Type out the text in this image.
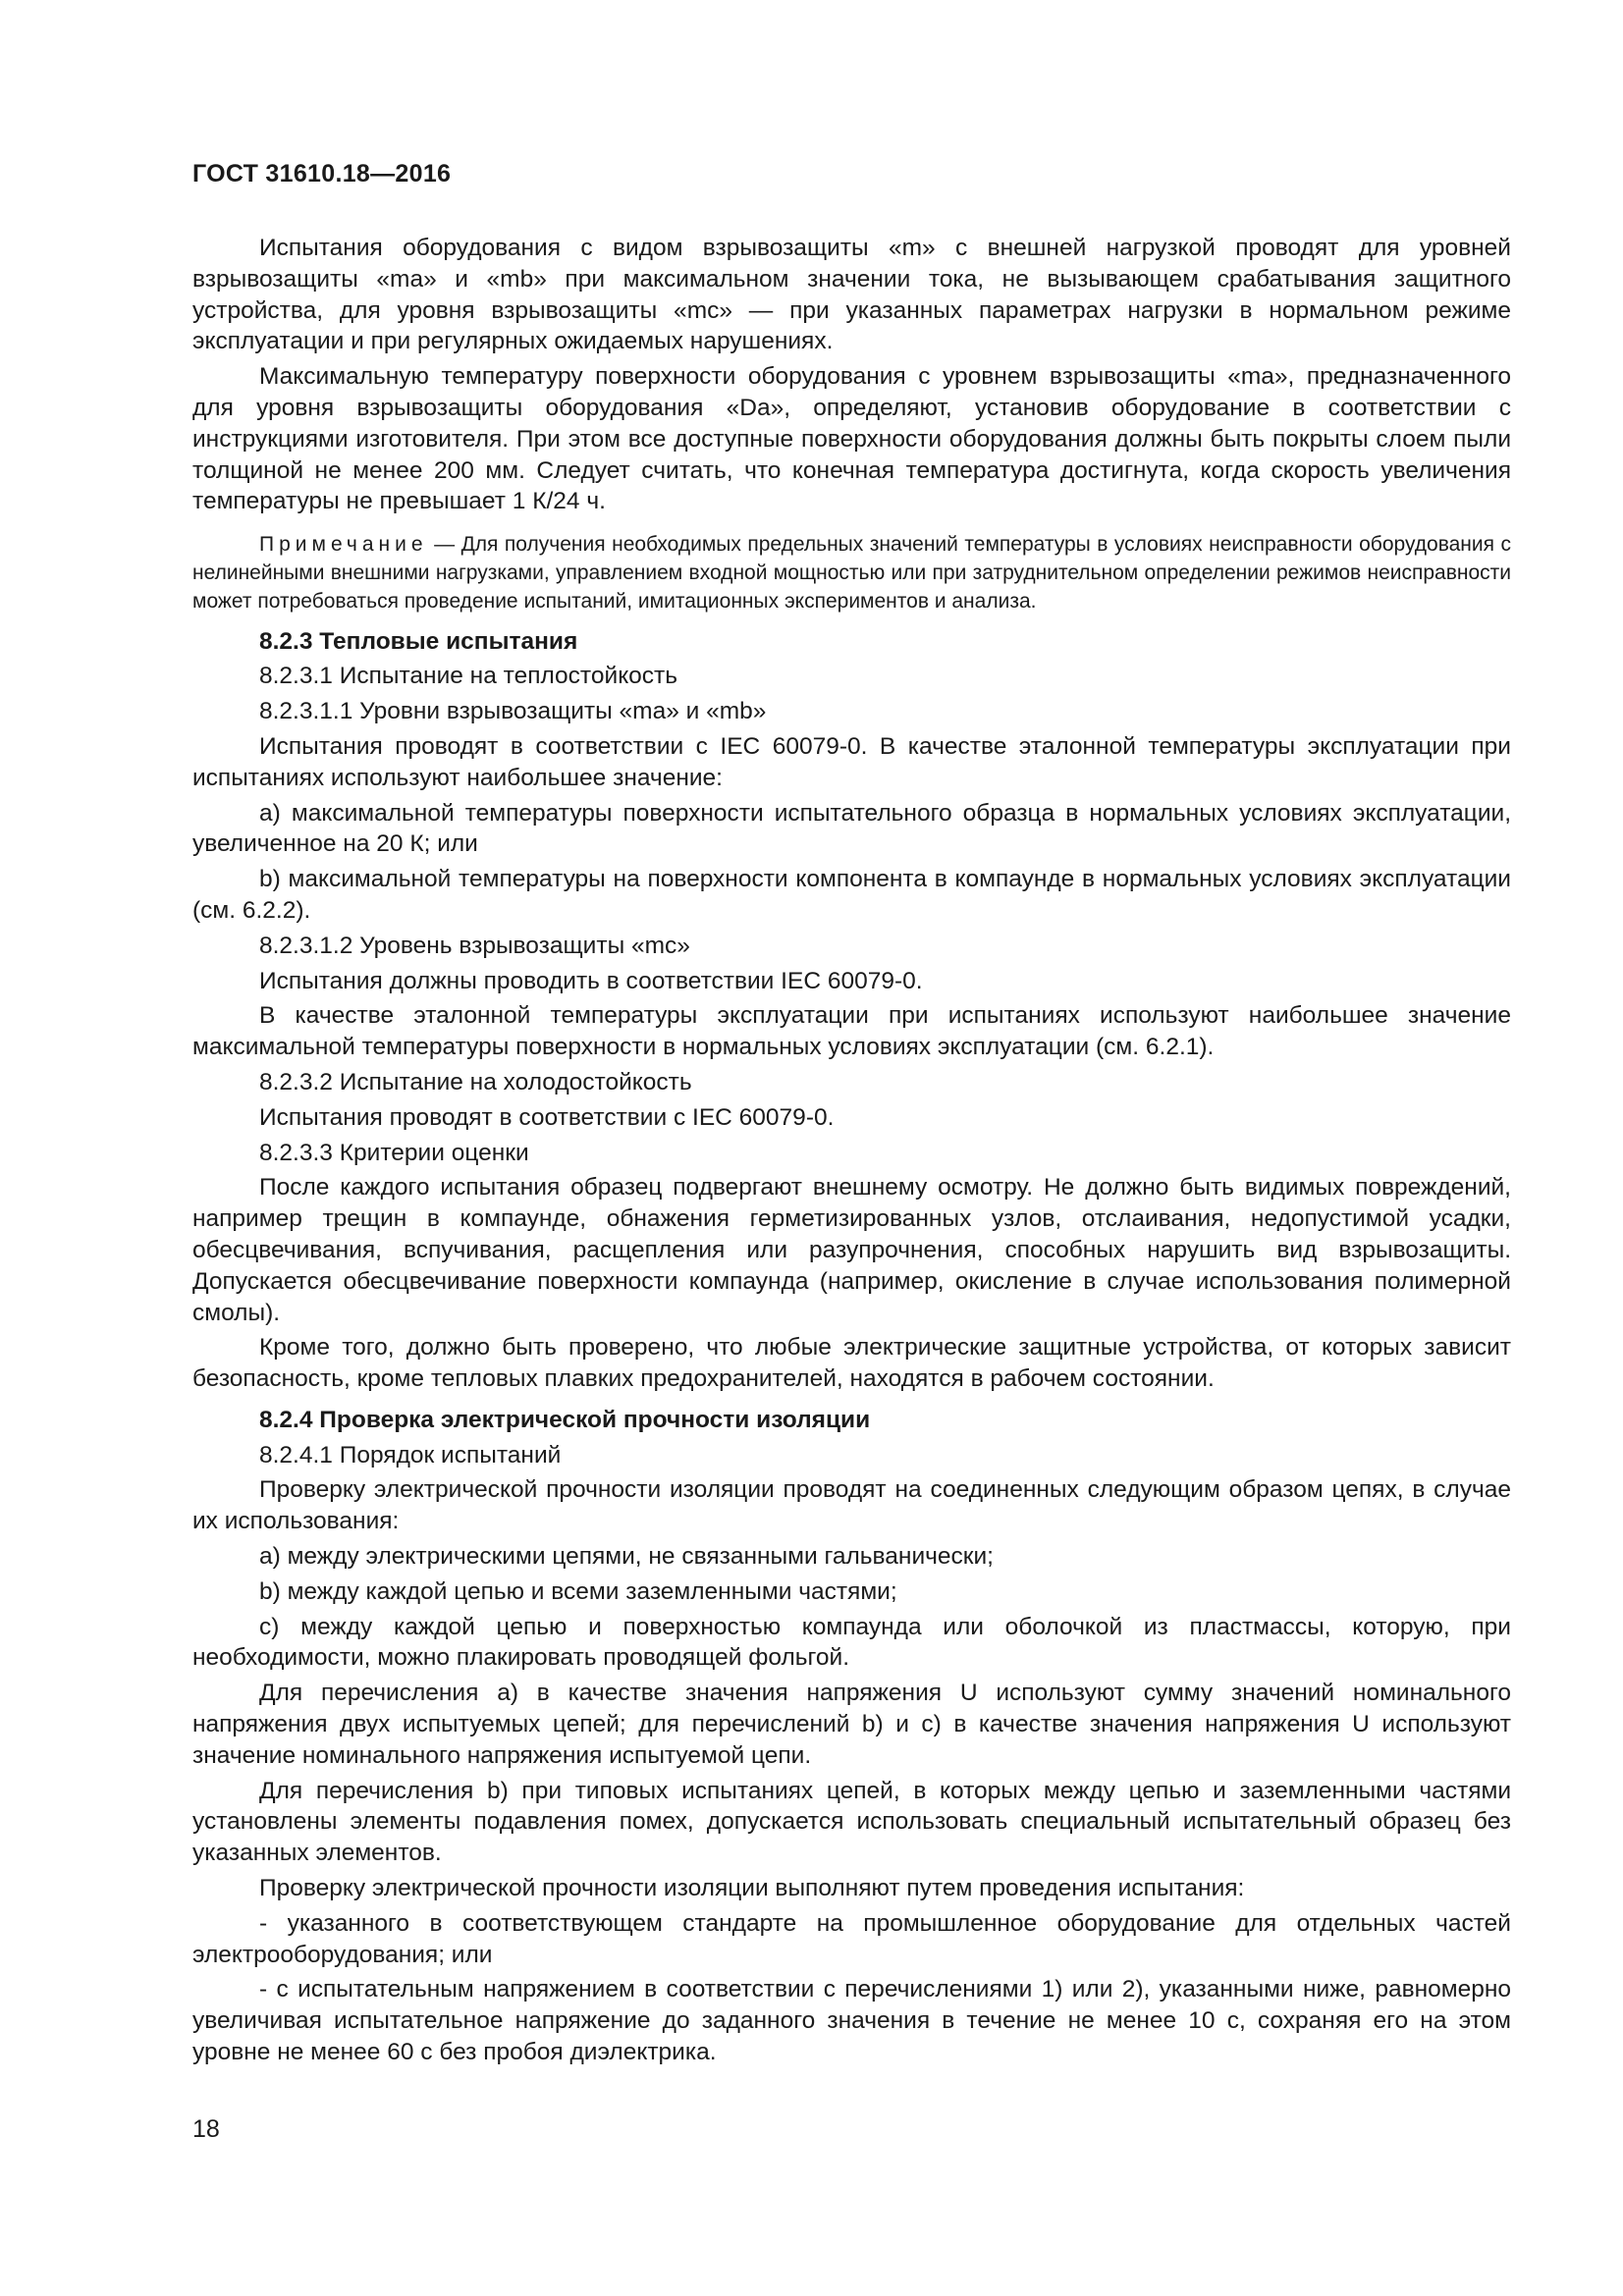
ГОСТ 31610.18—2016

Испытания оборудования с видом взрывозащиты «m» с внешней нагрузкой проводят для уровней взрывозащиты «ma» и «mb» при максимальном значении тока, не вызывающем срабатывания защитного устройства, для уровня взрывозащиты «mc» — при указанных параметрах нагрузки в нормальном режиме эксплуатации и при регулярных ожидаемых нарушениях.

Максимальную температуру поверхности оборудования с уровнем взрывозащиты «ma», предназначенного для уровня взрывозащиты оборудования «Da», определяют, установив оборудование в соответствии с инструкциями изготовителя. При этом все доступные поверхности оборудования должны быть покрыты слоем пыли толщиной не менее 200 мм. Следует считать, что конечная температура достигнута, когда скорость увеличения температуры не превышает 1 К/24 ч.

Примечание — Для получения необходимых предельных значений температуры в условиях неисправности оборудования с нелинейными внешними нагрузками, управлением входной мощностью или при затруднительном определении режимов неисправности может потребоваться проведение испытаний, имитационных экспериментов и анализа.

8.2.3 Тепловые испытания

8.2.3.1 Испытание на теплостойкость

8.2.3.1.1 Уровни взрывозащиты «ma» и «mb»

Испытания проводят в соответствии с IEC 60079-0. В качестве эталонной температуры эксплуатации при испытаниях используют наибольшее значение:

a) максимальной температуры поверхности испытательного образца в нормальных условиях эксплуатации, увеличенное на 20 К; или

b) максимальной температуры на поверхности компонента в компаунде в нормальных условиях эксплуатации (см. 6.2.2).

8.2.3.1.2 Уровень взрывозащиты «mc»

Испытания должны проводить в соответствии IEC 60079-0.

В качестве эталонной температуры эксплуатации при испытаниях используют наибольшее значение максимальной температуры поверхности в нормальных условиях эксплуатации (см. 6.2.1).

8.2.3.2 Испытание на холодостойкость

Испытания проводят в соответствии с IEC 60079-0.

8.2.3.3 Критерии оценки

После каждого испытания образец подвергают внешнему осмотру. Не должно быть видимых повреждений, например трещин в компаунде, обнажения герметизированных узлов, отслаивания, недопустимой усадки, обесцвечивания, вспучивания, расщепления или разупрочнения, способных нарушить вид взрывозащиты. Допускается обесцвечивание поверхности компаунда (например, окисление в случае использования полимерной смолы).

Кроме того, должно быть проверено, что любые электрические защитные устройства, от которых зависит безопасность, кроме тепловых плавких предохранителей, находятся в рабочем состоянии.

8.2.4 Проверка электрической прочности изоляции

8.2.4.1 Порядок испытаний

Проверку электрической прочности изоляции проводят на соединенных следующим образом цепях, в случае их использования:

a) между электрическими цепями, не связанными гальванически;

b) между каждой цепью и всеми заземленными частями;

c) между каждой цепью и поверхностью компаунда или оболочкой из пластмассы, которую, при необходимости, можно плакировать проводящей фольгой.

Для перечисления a) в качестве значения напряжения U используют сумму значений номинального напряжения двух испытуемых цепей; для перечислений b) и c) в качестве значения напряжения U используют значение номинального напряжения испытуемой цепи.

Для перечисления b) при типовых испытаниях цепей, в которых между цепью и заземленными частями установлены элементы подавления помех, допускается использовать специальный испытательный образец без указанных элементов.

Проверку электрической прочности изоляции выполняют путем проведения испытания:

- указанного в соответствующем стандарте на промышленное оборудование для отдельных частей электрооборудования; или

- с испытательным напряжением в соответствии с перечислениями 1) или 2), указанными ниже, равномерно увеличивая испытательное напряжение до заданного значения в течение не менее 10 с, сохраняя его на этом уровне не менее 60 с без пробоя диэлектрика.

18
